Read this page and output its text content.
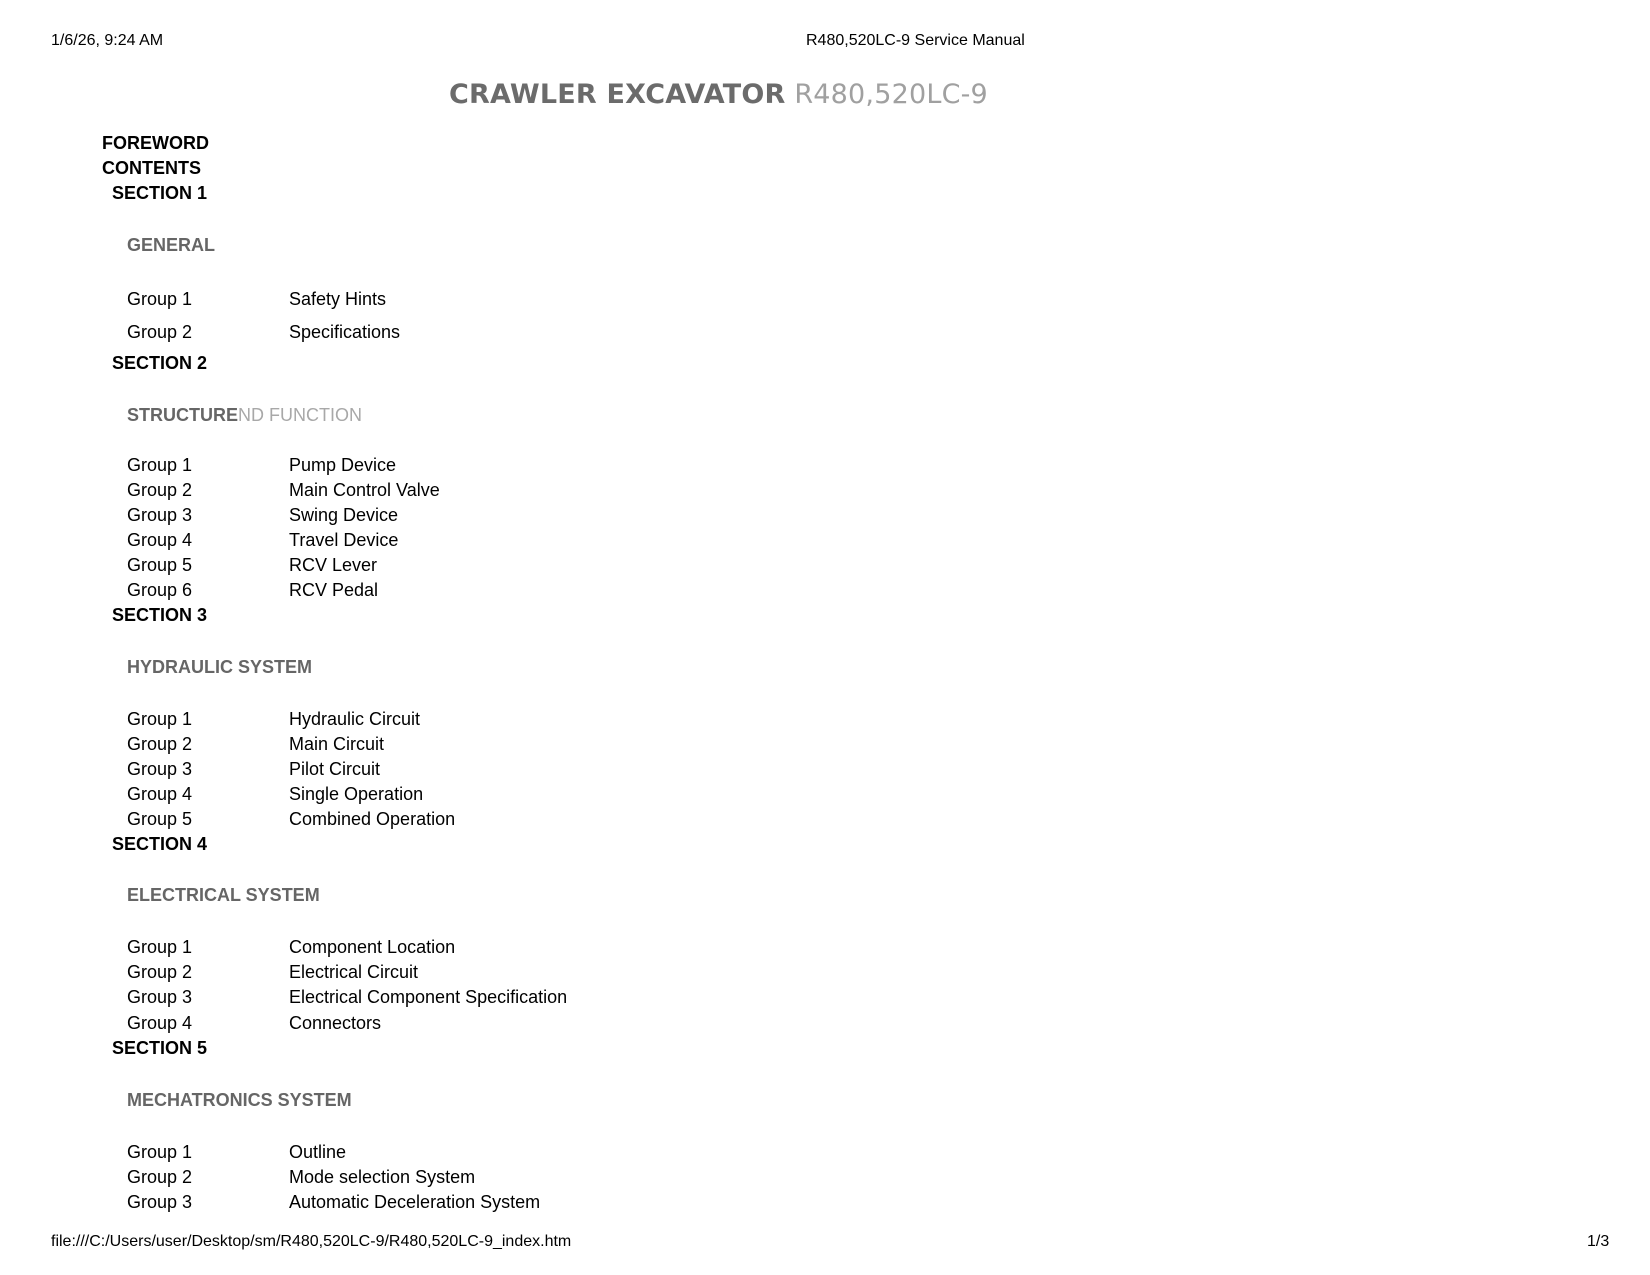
1/6/26, 9:24 AM	R480,520LC-9 Service Manual
CRAWLER EXCAVATOR R480,520LC-9
FOREWORD
CONTENTS
SECTION 1
GENERAL
Group 1	Safety Hints
Group 2	Specifications
SECTION 2
STRUCTUREND FUNCTION
Group 1	Pump Device
Group 2	Main Control Valve
Group 3	Swing Device
Group 4	Travel Device
Group 5	RCV Lever
Group 6	RCV Pedal
SECTION 3
HYDRAULIC SYSTEM
Group 1	Hydraulic Circuit
Group 2	Main Circuit
Group 3	Pilot Circuit
Group 4	Single Operation
Group 5	Combined Operation
SECTION 4
ELECTRICAL SYSTEM
Group 1	Component Location
Group 2	Electrical Circuit
Group 3	Electrical Component Specification
Group 4	Connectors
SECTION 5
MECHATRONICS SYSTEM
Group 1	Outline
Group 2	Mode selection System
Group 3	Automatic Deceleration System
file:///C:/Users/user/Desktop/sm/R480,520LC-9/R480,520LC-9_index.htm	1/3
